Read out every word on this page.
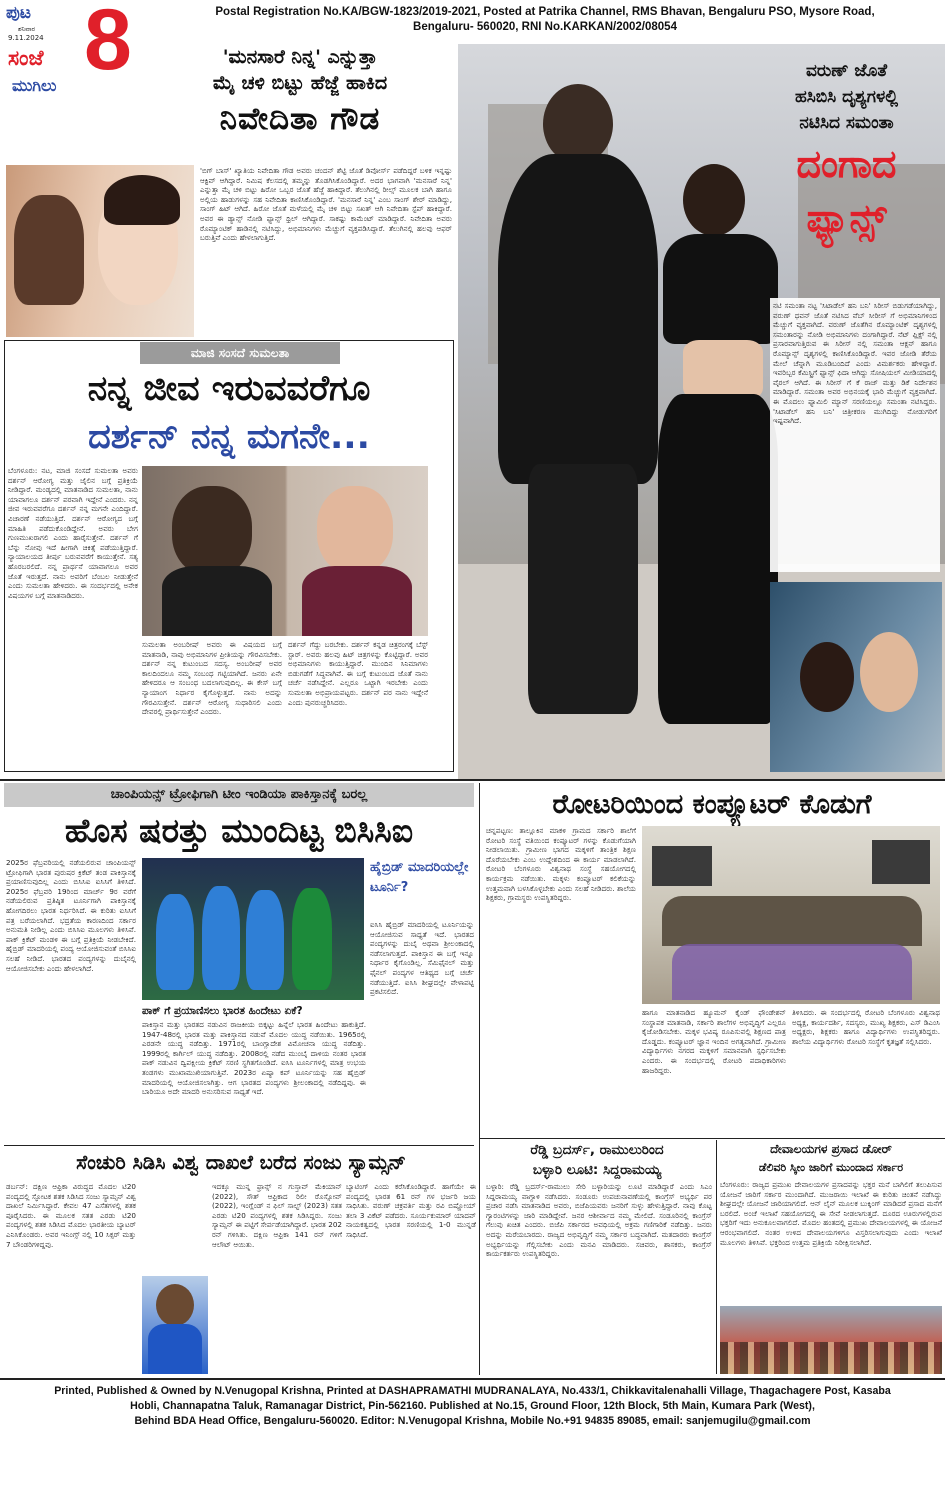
ಪುಟ
ಶನಿವಾರ
9.11.2024 8
ಸಂಜೆ
ಮುಗಿಲು
Postal Registration No.KA/BGW-1823/2019-2021, Posted at Patrika Channel, RMS Bhavan, Bengaluru PSO, Mysore Road,
Bengaluru- 560020, RNI No.KARKAN/2002/08054
'ಮನಸಾರೆ ನಿನ್ನ' ಎನ್ನುತ್ತಾ
ಮೈ ಚಳಿ ಬಿಟ್ಟು ಹೆಜ್ಜೆ ಹಾಕಿದ
ನಿವೇದಿತಾ ಗೌಡ
'ಬಿಗ್ ಬಾಸ್' ಖ್ಯಾತಿಯ ನಿವೇದಿತಾ ಗೌಡ ಅವರು ಚಂದನ್ ಶೆಟ್ಟಿ ಜೊತೆ ಡಿವೋರ್ಸ್ ಪಡೆದಿದ್ದರೆ ಬಳಿಕ ಇನ್ನಷ್ಟು ಆಕ್ಟಿವ್ ಆಗಿದ್ದಾರೆ. ನಿಮಿಷ ಕೆಲಸದಲ್ಲಿ ತಮ್ಮನ್ನು ತೊಡಗಿಸಿಕೊಂಡಿದ್ದಾರೆ. ಅದರ ಭಾಗವಾಗಿ 'ಮನಸಾರೆ ನಿನ್ನ' ಎನ್ನುತ್ತಾ ಮೈ ಚಳಿ ಬಿಟ್ಟು ಹಿರೋ ಒಬ್ಬರ ಜೊತೆ ಹೆಜ್ಜೆ ಹಾಕಿದ್ದಾರೆ. ತೆಲುಗಿನಲ್ಲಿ ರೀಲ್ಸ್ ಮೂಲಕ ಬಾಗಿ ಹಾಗೂ ಅಲ್ಲಿಯ ಹಾಡುಗಳನ್ನು ಸಹ ನಿವೇದಿತಾ ಕಾಣಿಸಿಕೊಂಡಿದ್ದಾರೆ. 'ಮನಸಾರೆ ನಿನ್ನ' ಎಂಬ ಸಾಂಗ್ ಶೇರ್ ಮಾಡಿದ್ದು, ಸಾಂಗ್ ಹಿಟ್ ಆಗಿದೆ. ಹಿರೋ ಜೊತೆ ಮಳೆಯಲ್ಲಿ ಮೈ ಚಳಿ ಬಿಟ್ಟು ಸಖತ್ ಆಗಿ ನಿವೇದಿತಾ ಸ್ಟೆಪ್ ಹಾಕಿದ್ದಾರೆ. ಅವರ ಈ ಡ್ಯಾನ್ಸ್ ನೋಡಿ ಫ್ಯಾನ್ಸ್ ಥ್ರಿಲ್ ಆಗಿದ್ದಾರೆ. ಸಾಕಷ್ಟು ಕಾಮೆಂಟ್ ಮಾಡಿದ್ದಾರೆ. ನಿವೇದಿತಾ ಅವರು ರೊಮ್ಯಾಂಟಿಕ್ ಹಾಡಿನಲ್ಲಿ ನಟಿಸಿದ್ದು, ಅಭಿಮಾನಿಗಳು ಮೆಚ್ಚುಗೆ ವ್ಯಕ್ತಪಡಿಸಿದ್ದಾರೆ. ತೆಲುಗಿನಲ್ಲಿ ಹಲವು ಆಫರ್ ಬರುತ್ತಿವೆ ಎಂದು ಹೇಳಲಾಗುತ್ತಿದೆ.
ವರುಣ್ ಜೊತೆ
ಹಸಿಬಿಸಿ ದೃಶ್ಯಗಳಲ್ಲಿ
ನಟಿಸಿದ ಸಮಂತಾ
ದಂಗಾದ
ಫ್ಯಾನ್ಸ್
ನಟಿ ಸಮಂತಾ ನಟ್ಟ 'ಸಿಟಾಡೆಲ್ ಹನಿ ಬನಿ' ಸಿರೀಸ್ ಬಿಡುಗಡೆಯಾಗಿದ್ದು, ವರುಣ್ ಧವನ್ ಜೊತೆ ನಟಿಸಿದ ವೆಬ್ ಸೀರೀಸ್ ಗೆ ಅಭಿಮಾನಿಗಳಿಂದ ಮೆಚ್ಚುಗೆ ವ್ಯಕ್ತವಾಗಿದೆ. ವರುಣ್ ಜೊತೆಗಿನ ರೊಮ್ಯಾಂಟಿಕ್ ದೃಶ್ಯಗಳಲ್ಲಿ ಸಮಂತಾರನ್ನು ನೋಡಿ ಅಭಿಮಾನಿಗಳು ದಂಗಾಗಿದ್ದಾರೆ. ನೆಟ್ ಫ್ಲಿಕ್ಸ್ ನಲ್ಲಿ ಪ್ರಸಾರವಾಗುತ್ತಿರುವ ಈ ಸಿರೀಸ್ ನಲ್ಲಿ ಸಮಂತಾ ಆಕ್ಷನ್ ಹಾಗೂ ರೊಮ್ಯಾನ್ಸ್ ದೃಶ್ಯಗಳಲ್ಲಿ ಕಾಣಿಸಿಕೊಂಡಿದ್ದಾರೆ. ಇವರ ಜೋಡಿ ತೆರೆಯ ಮೇಲೆ ಚೆನ್ನಾಗಿ ಮೂಡಿಬಂದಿದೆ ಎಂದು ವಿಮರ್ಶಕರು ಹೇಳಿದ್ದಾರೆ. ಇವರಿಬ್ಬರ ಕೆಮಿಸ್ಟ್ರಿಗೆ ಫ್ಯಾನ್ಸ್ ಫಿದಾ ಆಗಿದ್ದು ಸೋಷಿಯಲ್ ಮೀಡಿಯಾದಲ್ಲಿ ವೈರಲ್ ಆಗಿದೆ. ಈ ಸಿರೀಸ್ ಗೆ ಕೆ ರಾಜ್ ಮತ್ತು ಡಿಕೆ ನಿರ್ದೇಶನ ಮಾಡಿದ್ದಾರೆ. ಸಮಂತಾ ಅವರ ಅಭಿನಯಕ್ಕೆ ಭಾರಿ ಮೆಚ್ಚುಗೆ ವ್ಯಕ್ತವಾಗಿದೆ. ಈ ಮೊದಲು ಫ್ಯಾಮಿಲಿ ಮ್ಯಾನ್ ಸರಣಿಯಲ್ಲೂ ಸಮಂತಾ ನಟಿಸಿದ್ದರು. 'ಸಿಟಾಡೆಲ್ ಹನಿ ಬನಿ' ಚಿತ್ರೀಕರಣ ಮುಗಿದಿದ್ದು ನೋಡುಗರಿಗೆ ಇಷ್ಟವಾಗಿದೆ.
ಮಾಜಿ ಸಂಸದೆ ಸುಮಲತಾ
ನನ್ನ ಜೀವ ಇರುವವರೆಗೂ
ದರ್ಶನ್ ನನ್ನ ಮಗನೇ...
ಬೆಂಗಳೂರು: ನಟ, ಮಾಜಿ ಸಂಸದೆ ಸುಮಲತಾ ಅವರು ದರ್ಶನ್ ಆರೋಗ್ಯ ಮತ್ತು ಜೈಲಿನ ಬಗ್ಗೆ ಪ್ರತಿಕ್ರಿಯೆ ನೀಡಿದ್ದಾರೆ. ಮಂಡ್ಯದಲ್ಲಿ ಮಾತನಾಡಿದ ಸುಮಲತಾ, ನಾನು ಯಾವಾಗಲೂ ದರ್ಶನ್ ಪರವಾಗಿ ಇದ್ದೇನೆ ಎಂದರು. ನನ್ನ ಜೀವ ಇರುವವರೆಗೂ ದರ್ಶನ್ ನನ್ನ ಮಗನೇ ಎಂದಿದ್ದಾರೆ. ವಿಚಾರಣೆ ನಡೆಯುತ್ತಿದೆ. ದರ್ಶನ್ ಆರೋಗ್ಯದ ಬಗ್ಗೆ ಮಾಹಿತಿ ಪಡೆದುಕೊಂಡಿದ್ದೇನೆ. ಅವರು ಬೇಗ ಗುಣಮುಖರಾಗಲಿ ಎಂದು ಹಾರೈಸುತ್ತೇನೆ. ದರ್ಶನ್ ಗೆ ಬೆನ್ನು ನೋವು ಇದೆ ಹೀಗಾಗಿ ಚಿಕಿತ್ಸೆ ಪಡೆಯುತ್ತಿದ್ದಾರೆ. ನ್ಯಾಯಾಲಯದ ತೀರ್ಪು ಬರುವವರೆಗೆ ಕಾಯುತ್ತೇನೆ. ಸತ್ಯ ಹೊರಬರಲಿದೆ. ನನ್ನ ಪ್ರಾರ್ಥನೆ ಯಾವಾಗಲೂ ಅವರ ಜೊತೆ ಇರುತ್ತದೆ. ನಾನು ಅವರಿಗೆ ಬೆಂಬಲ ನೀಡುತ್ತೇನೆ ಎಂದು ಸುಮಲತಾ ಹೇಳಿದರು. ಈ ಸಂದರ್ಭದಲ್ಲಿ ಅನೇಕ ವಿಷಯಗಳ ಬಗ್ಗೆ ಮಾತನಾಡಿದರು.
ಸುಮಲತಾ ಅಂಬರೀಷ್ ಅವರು ಈ ವಿಷಯದ ಬಗ್ಗೆ ಮಾತನಾಡಿ, ನಾವು ಅಭಿಮಾನಿಗಳ ಪ್ರೀತಿಯನ್ನು ಗೌರವಿಸಬೇಕು. ದರ್ಶನ್ ನನ್ನ ಕುಟುಂಬದ ಸದಸ್ಯ. ಅಂಬರೀಷ್ ಅವರ ಕಾಲದಿಂದಲೂ ನಮ್ಮ ಸಂಬಂಧ ಗಟ್ಟಿಯಾಗಿದೆ. ಜನರು ಏನೇ ಹೇಳಿದರೂ ಆ ಸಂಬಂಧ ಬದಲಾಗುವುದಿಲ್ಲ. ಈ ಕೇಸ್ ಬಗ್ಗೆ ನ್ಯಾಯಾಂಗ ನಿರ್ಧಾರ ಕೈಗೊಳ್ಳುತ್ತದೆ. ನಾನು ಅದನ್ನು ಗೌರವಿಸುತ್ತೇನೆ. ದರ್ಶನ್ ಆರೋಗ್ಯ ಸುಧಾರಿಸಲಿ ಎಂದು ದೇವರಲ್ಲಿ ಪ್ರಾರ್ಥಿಸುತ್ತೇನೆ ಎಂದರು.
ದರ್ಶನ್ ಗೆದ್ದು ಬರಬೇಕು. ದರ್ಶನ್ ಕನ್ನಡ ಚಿತ್ರರಂಗಕ್ಕೆ ಬೆಸ್ಟ್ ಸ್ಟಾರ್. ಅವರು ಹಲವು ಹಿಟ್ ಚಿತ್ರಗಳನ್ನು ಕೊಟ್ಟಿದ್ದಾರೆ. ಅವರ ಅಭಿಮಾನಿಗಳು ಕಾಯುತ್ತಿದ್ದಾರೆ. ಮುಂದಿನ ಸಿನಿಮಾಗಳು ಬಿಡುಗಡೆಗೆ ಸಿದ್ಧವಾಗಿವೆ. ಈ ಬಗ್ಗೆ ಕುಟುಂಬದ ಜೊತೆ ನಾನು ಚರ್ಚೆ ನಡೆಸಿದ್ದೇನೆ. ಎಲ್ಲರೂ ಒಟ್ಟಾಗಿ ಇರಬೇಕು ಎಂದು ಸುಮಲತಾ ಅಭಿಪ್ರಾಯಪಟ್ಟರು. ದರ್ಶನ್ ಪರ ನಾನು ಇದ್ದೇನೆ ಎಂದು ಪುನರುಚ್ಚರಿಸಿದರು.
ಚಾಂಪಿಯನ್ಸ್ ಟ್ರೋಫಿಗಾಗಿ ಟೀಂ ಇಂಡಿಯಾ ಪಾಕಿಸ್ತಾನಕ್ಕೆ ಬರಲ್ಲ
ಹೊಸ ಷರತ್ತು ಮುಂದಿಟ್ಟ ಬಿಸಿಸಿಐ
2025ರ ಫೆಬ್ರವರಿಯಲ್ಲಿ ನಡೆಯಲಿರುವ ಚಾಂಪಿಯನ್ಸ್ ಟ್ರೋಫಿಗಾಗಿ ಭಾರತ ಪುರುಷರ ಕ್ರಿಕೆಟ್ ತಂಡ ಪಾಕಿಸ್ತಾನಕ್ಕೆ ಪ್ರಯಾಣಿಸುವುದಿಲ್ಲ ಎಂದು ಬಿಸಿಸಿಐ ಐಸಿಸಿಗೆ ತಿಳಿಸಿದೆ. 2025ರ ಫೆಬ್ರವರಿ 19ರಿಂದ ಮಾರ್ಚ್ 9ರ ವರೆಗೆ ನಡೆಯಲಿರುವ ಪ್ರತಿಷ್ಠಿತ ಟೂರ್ನಿಗಾಗಿ ಪಾಕಿಸ್ತಾನಕ್ಕೆ ಹೋಗದಿರಲು ಭಾರತ ನಿರ್ಧರಿಸಿದೆ. ಈ ಕುರಿತು ಐಸಿಸಿಗೆ ಪತ್ರ ಬರೆಯಲಾಗಿದೆ. ಭದ್ರತೆಯ ಕಾರಣದಿಂದ ಸರ್ಕಾರ ಅನುಮತಿ ನೀಡಿಲ್ಲ ಎಂದು ಬಿಸಿಸಿಐ ಮೂಲಗಳು ತಿಳಿಸಿವೆ. ಪಾಕ್ ಕ್ರಿಕೆಟ್ ಮಂಡಳಿ ಈ ಬಗ್ಗೆ ಪ್ರತಿಕ್ರಿಯೆ ನೀಡಬೇಕಿದೆ. ಹೈಬ್ರಿಡ್ ಮಾದರಿಯಲ್ಲಿ ಪಂದ್ಯ ಆಯೋಜಿಸುವಂತೆ ಬಿಸಿಸಿಐ ಸಲಹೆ ನೀಡಿದೆ. ಭಾರತದ ಪಂದ್ಯಗಳನ್ನು ದುಬೈನಲ್ಲಿ ಆಯೋಜಿಸಬೇಕು ಎಂದು ಹೇಳಲಾಗಿದೆ.
ಹೈಬ್ರಿಡ್ ಮಾದರಿಯಲ್ಲೇ ಟೂರ್ನಿ?
ಐಸಿಸಿ ಹೈಬ್ರಿಡ್ ಮಾದರಿಯಲ್ಲಿ ಟೂರ್ನಿಯನ್ನು ಆಯೋಜಿಸುವ ಸಾಧ್ಯತೆ ಇದೆ. ಭಾರತದ ಪಂದ್ಯಗಳನ್ನು ದುಬೈ ಅಥವಾ ಶ್ರೀಲಂಕಾದಲ್ಲಿ ನಡೆಸಲಾಗುತ್ತದೆ. ಪಾಕಿಸ್ತಾನ ಈ ಬಗ್ಗೆ ಇನ್ನೂ ನಿರ್ಧಾರ ಕೈಗೊಂಡಿಲ್ಲ. ಸೆಮಿಫೈನಲ್ ಮತ್ತು ಫೈನಲ್ ಪಂದ್ಯಗಳ ಆತಿಥ್ಯದ ಬಗ್ಗೆ ಚರ್ಚೆ ನಡೆಯುತ್ತಿದೆ. ಐಸಿಸಿ ಶೀಘ್ರದಲ್ಲೇ ವೇಳಾಪಟ್ಟಿ ಪ್ರಕಟಿಸಲಿದೆ.
ಪಾಕ್ ಗೆ ಪ್ರಯಾಣಿಸಲು ಭಾರತ ಹಿಂದೇಟು ಏಕೆ?
ಪಾಕಿಸ್ತಾನ ಮತ್ತು ಭಾರತದ ನಡುವಿನ ರಾಜಕೀಯ ಬಿಕ್ಕಟ್ಟು ಹಿನ್ನೆಲೆ ಭಾರತ ಹಿಂದೇಟು ಹಾಕುತ್ತಿದೆ. 1947-48ರಲ್ಲಿ ಭಾರತ ಮತ್ತು ಪಾಕಿಸ್ತಾನದ ನಡುವೆ ಮೊದಲ ಯುದ್ಧ ನಡೆಯಿತು. 1965ರಲ್ಲಿ ಎರಡನೇ ಯುದ್ಧ ನಡೆದಿತ್ತು. 1971ರಲ್ಲಿ ಬಾಂಗ್ಲಾದೇಶ ವಿಮೋಚನಾ ಯುದ್ಧ ನಡೆದಿತ್ತು. 1999ರಲ್ಲಿ ಕಾರ್ಗಿಲ್ ಯುದ್ಧ ನಡೆದಿತ್ತು. 2008ರಲ್ಲಿ ನಡೆದ ಮುಂಬೈ ದಾಳಿಯ ನಂತರ ಭಾರತ ಪಾಕ್ ನಡುವಿನ ದ್ವಿಪಕ್ಷೀಯ ಕ್ರಿಕೆಟ್ ಸರಣಿ ಸ್ಥಗಿತಗೊಂಡಿದೆ. ಐಸಿಸಿ ಟೂರ್ನಿಗಳಲ್ಲಿ ಮಾತ್ರ ಉಭಯ ತಂಡಗಳು ಮುಖಾಮುಖಿಯಾಗುತ್ತಿವೆ. 2023ರ ಏಷ್ಯಾ ಕಪ್ ಟೂರ್ನಿಯನ್ನು ಸಹ ಹೈಬ್ರಿಡ್ ಮಾದರಿಯಲ್ಲಿ ಆಯೋಜಿಸಲಾಗಿತ್ತು. ಆಗ ಭಾರತದ ಪಂದ್ಯಗಳು ಶ್ರೀಲಂಕಾದಲ್ಲಿ ನಡೆದಿದ್ದವು. ಈ ಬಾರಿಯೂ ಅದೇ ಮಾದರಿ ಅನುಸರಿಸುವ ಸಾಧ್ಯತೆ ಇದೆ.
ಸೆಂಚುರಿ ಸಿಡಿಸಿ ವಿಶ್ವ ದಾಖಲೆ ಬರೆದ ಸಂಜು ಸ್ಯಾಮ್ಸನ್
ಡರ್ಬನ್: ದಕ್ಷಿಣ ಆಫ್ರಿಕಾ ವಿರುದ್ಧದ ಮೊದಲ ಟಿ20 ಪಂದ್ಯದಲ್ಲಿ ಸ್ಫೋಟಕ ಶತಕ ಸಿಡಿಸಿದ ಸಂಜು ಸ್ಯಾಮ್ಸನ್ ವಿಶ್ವ ದಾಖಲೆ ನಿರ್ಮಿಸಿದ್ದಾರೆ. ಕೇವಲ 47 ಎಸೆತಗಳಲ್ಲಿ ಶತಕ ಪೂರೈಸಿದರು. ಈ ಮೂಲಕ ಸತತ ಎರಡು ಟಿ20 ಪಂದ್ಯಗಳಲ್ಲಿ ಶತಕ ಸಿಡಿಸಿದ ಮೊದಲ ಭಾರತೀಯ ಬ್ಯಾಟರ್ ಎನಿಸಿಕೊಂಡರು. ಅವರ ಇನಿಂಗ್ಸ್ ನಲ್ಲಿ 10 ಸಿಕ್ಸರ್ ಮತ್ತು 7 ಬೌಂಡರಿಗಳಿದ್ದವು.
ಇದಕ್ಕೂ ಮುನ್ನ ಫ್ರಾನ್ಸ್ ನ ಗುಸ್ತಾವ್ ಮೆಕಿಯಾನ್ (2022), ಸೌತ್ ಆಫ್ರಿಕಾದ ರಿಲೀ ರೊಸ್ಸೋವ್ (2022), ಇಂಗ್ಲೆಂಡ್ ನ ಫಿಲ್ ಸಾಲ್ಟ್ (2023) ಸತತ ಎರಡು ಟಿ20 ಪಂದ್ಯಗಳಲ್ಲಿ ಶತಕ ಸಿಡಿಸಿದ್ದರು. ಸಂಜು ಸ್ಯಾಮ್ಸನ್ ಈ ಪಟ್ಟಿಗೆ ಸೇರ್ಪಡೆಯಾಗಿದ್ದಾರೆ. ಭಾರತ 202 ರನ್ ಗಳಿಸಿತು. ದಕ್ಷಿಣ ಆಫ್ರಿಕಾ 141 ರನ್ ಗಳಿಗೆ ಆಲೌಟ್ ಆಯಿತು.
ಬ್ಯಾಟಿಂಗ್ ಎಂದು ಕರೆಸಿಕೊಂಡಿದ್ದಾರೆ. ಹಾಗೆಯೇ ಈ ಪಂದ್ಯದಲ್ಲಿ ಭಾರತ 61 ರನ್ ಗಳ ಭರ್ಜರಿ ಜಯ ಸಾಧಿಸಿತು. ವರುಣ್ ಚಕ್ರವರ್ತಿ ಮತ್ತು ರವಿ ಬಿಷ್ಣೋಯ್ ತಲಾ 3 ವಿಕೆಟ್ ಪಡೆದರು. ಸೂರ್ಯಕುಮಾರ್ ಯಾದವ್ ನಾಯಕತ್ವದಲ್ಲಿ ಭಾರತ ಸರಣಿಯಲ್ಲಿ 1-0 ಮುನ್ನಡೆ ಸಾಧಿಸಿದೆ.
ರೋಟರಿಯಿಂದ ಕಂಪ್ಯೂಟರ್ ಕೊಡುಗೆ
ಚನ್ನಪಟ್ಟಣ: ತಾಲ್ಲೂಕಿನ ಮಾಕಳಿ ಗ್ರಾಮದ ಸರ್ಕಾರಿ ಶಾಲೆಗೆ ರೋಟರಿ ಸಂಸ್ಥೆ ವತಿಯಿಂದ ಕಂಪ್ಯೂಟರ್ ಗಳನ್ನು ಕೊಡುಗೆಯಾಗಿ ನೀಡಲಾಯಿತು. ಗ್ರಾಮೀಣ ಭಾಗದ ಮಕ್ಕಳಿಗೆ ತಾಂತ್ರಿಕ ಶಿಕ್ಷಣ ದೊರೆಯಬೇಕು ಎಂಬ ಉದ್ದೇಶದಿಂದ ಈ ಕಾರ್ಯ ಮಾಡಲಾಗಿದೆ. ರೋಟರಿ ಬೆಂಗಳೂರು ವಿಶ್ವನಾಥ ಸಂಸ್ಥೆ ಸಹಯೋಗದಲ್ಲಿ ಕಾರ್ಯಕ್ರಮ ನಡೆಯಿತು. ಮಕ್ಕಳು ಕಂಪ್ಯೂಟರ್ ಕಲಿಕೆಯನ್ನು ಉತ್ತಮವಾಗಿ ಬಳಸಿಕೊಳ್ಳಬೇಕು ಎಂದು ಸಲಹೆ ನೀಡಿದರು. ಶಾಲೆಯ ಶಿಕ್ಷಕರು, ಗ್ರಾಮಸ್ಥರು ಉಪಸ್ಥಿತರಿದ್ದರು.
ಹಾಗೂ ಮಾತನಾಡಿದ ಹ್ಯೂಮನ್ ಕೈಂಡ್ ಫೌಂಡೇಶನ್ ಸಂಸ್ಥಾಪಕ ಮಾತನಾಡಿ, ಸರ್ಕಾರಿ ಶಾಲೆಗಳ ಅಭಿವೃದ್ಧಿಗೆ ಎಲ್ಲರೂ ಕೈಜೋಡಿಸಬೇಕು. ಮಕ್ಕಳ ಭವಿಷ್ಯ ರೂಪಿಸುವಲ್ಲಿ ಶಿಕ್ಷಣದ ಪಾತ್ರ ದೊಡ್ಡದು. ಕಂಪ್ಯೂಟರ್ ಜ್ಞಾನ ಇಂದಿನ ಅಗತ್ಯವಾಗಿದೆ. ಗ್ರಾಮೀಣ ವಿದ್ಯಾರ್ಥಿಗಳು ನಗರದ ಮಕ್ಕಳಿಗೆ ಸಮಾನವಾಗಿ ಸ್ಪರ್ಧಿಸಬೇಕು ಎಂದರು. ಈ ಸಂದರ್ಭದಲ್ಲಿ ರೋಟರಿ ಪದಾಧಿಕಾರಿಗಳು ಹಾಜರಿದ್ದರು.
ತಿಳಿಸಿದರು. ಈ ಸಂದರ್ಭದಲ್ಲಿ ರೋಟರಿ ಬೆಂಗಳೂರು ವಿಶ್ವನಾಥ ಅಧ್ಯಕ್ಷ, ಕಾರ್ಯದರ್ಶಿ, ಸದಸ್ಯರು, ಮುಖ್ಯ ಶಿಕ್ಷಕರು, ಎಸ್ ಡಿಎಂಸಿ ಅಧ್ಯಕ್ಷರು, ಶಿಕ್ಷಕರು ಹಾಗೂ ವಿದ್ಯಾರ್ಥಿಗಳು ಉಪಸ್ಥಿತರಿದ್ದರು. ಶಾಲೆಯ ವಿದ್ಯಾರ್ಥಿಗಳು ರೋಟರಿ ಸಂಸ್ಥೆಗೆ ಕೃತಜ್ಞತೆ ಸಲ್ಲಿಸಿದರು.
ರೆಡ್ಡಿ ಬ್ರದರ್ಸ್, ರಾಮುಲುರಿಂದ
ಬಳ್ಳಾರಿ ಲೂಟಿ: ಸಿದ್ದರಾಮಯ್ಯ
ಬಳ್ಳಾರಿ: ರೆಡ್ಡಿ ಬ್ರದರ್ಸ್-ರಾಮುಲು ಸೇರಿ ಬಳ್ಳಾರಿಯನ್ನು ಲೂಟಿ ಮಾಡಿದ್ದಾರೆ ಎಂದು ಸಿಎಂ ಸಿದ್ದರಾಮಯ್ಯ ವಾಗ್ದಾಳಿ ನಡೆಸಿದರು. ಸಂಡೂರು ಉಪಚುನಾವಣೆಯಲ್ಲಿ ಕಾಂಗ್ರೆಸ್ ಅಭ್ಯರ್ಥಿ ಪರ ಪ್ರಚಾರ ನಡೆಸಿ ಮಾತನಾಡಿದ ಅವರು, ಬಿಜೆಪಿಯವರು ಜನರಿಗೆ ಸುಳ್ಳು ಹೇಳುತ್ತಿದ್ದಾರೆ. ನಾವು ಕೊಟ್ಟ ಗ್ಯಾರಂಟಿಗಳನ್ನು ಜಾರಿ ಮಾಡಿದ್ದೇವೆ. ಜನರ ಆಶೀರ್ವಾದ ನಮ್ಮ ಮೇಲಿದೆ. ಸಂಡೂರಿನಲ್ಲಿ ಕಾಂಗ್ರೆಸ್ ಗೆಲುವು ಖಚಿತ ಎಂದರು. ಬಿಜೆಪಿ ಸರ್ಕಾರದ ಅವಧಿಯಲ್ಲಿ ಅಕ್ರಮ ಗಣಿಗಾರಿಕೆ ನಡೆದಿತ್ತು. ಜನರು ಅದನ್ನು ಮರೆಯಬಾರದು. ರಾಜ್ಯದ ಅಭಿವೃದ್ಧಿಗೆ ನಮ್ಮ ಸರ್ಕಾರ ಬದ್ಧವಾಗಿದೆ. ಮತದಾರರು ಕಾಂಗ್ರೆಸ್ ಅಭ್ಯರ್ಥಿಯನ್ನು ಗೆಲ್ಲಿಸಬೇಕು ಎಂದು ಮನವಿ ಮಾಡಿದರು. ಸಚಿವರು, ಶಾಸಕರು, ಕಾಂಗ್ರೆಸ್ ಕಾರ್ಯಕರ್ತರು ಉಪಸ್ಥಿತರಿದ್ದರು.
ದೇವಾಲಯಗಳ ಪ್ರಸಾದ ಡೋರ್
ಡೆಲಿವರಿ ಸ್ಕೀಂ ಜಾರಿಗೆ ಮುಂದಾದ ಸರ್ಕಾರ
ಬೆಂಗಳೂರು: ರಾಜ್ಯದ ಪ್ರಮುಖ ದೇವಾಲಯಗಳ ಪ್ರಸಾದವನ್ನು ಭಕ್ತರ ಮನೆ ಬಾಗಿಲಿಗೆ ತಲುಪಿಸುವ ಯೋಜನೆ ಜಾರಿಗೆ ಸರ್ಕಾರ ಮುಂದಾಗಿದೆ. ಮುಜರಾಯಿ ಇಲಾಖೆ ಈ ಕುರಿತು ಚಿಂತನೆ ನಡೆಸಿದ್ದು ಶೀಘ್ರದಲ್ಲೇ ಯೋಜನೆ ಜಾರಿಯಾಗಲಿದೆ. ಆನ್ ಲೈನ್ ಮೂಲಕ ಬುಕ್ಕಿಂಗ್ ಮಾಡಿದರೆ ಪ್ರಸಾದ ಮನೆಗೆ ಬರಲಿದೆ. ಅಂಚೆ ಇಲಾಖೆ ಸಹಯೋಗದಲ್ಲಿ ಈ ಸೇವೆ ನೀಡಲಾಗುತ್ತದೆ. ದೂರದ ಊರುಗಳಲ್ಲಿರುವ ಭಕ್ತರಿಗೆ ಇದು ಅನುಕೂಲವಾಗಲಿದೆ. ಮೊದಲ ಹಂತದಲ್ಲಿ ಪ್ರಮುಖ ದೇವಾಲಯಗಳಲ್ಲಿ ಈ ಯೋಜನೆ ಆರಂಭವಾಗಲಿದೆ. ನಂತರ ಉಳಿದ ದೇವಾಲಯಗಳಿಗೂ ವಿಸ್ತರಿಸಲಾಗುವುದು ಎಂದು ಇಲಾಖೆ ಮೂಲಗಳು ತಿಳಿಸಿವೆ. ಭಕ್ತರಿಂದ ಉತ್ತಮ ಪ್ರತಿಕ್ರಿಯೆ ನಿರೀಕ್ಷಿಸಲಾಗಿದೆ.
Printed, Published & Owned by N.Venugopal Krishna, Printed at DASHAPRAMATHI MUDRANALAYA, No.433/1, Chikkavitalenahalli Village, Thagachagere Post, Kasaba
Hobli, Channapatna Taluk, Ramanagar District, Pin-562160. Published at No.15, Ground Floor, 12th Block, 5th Main, Kumara Park (West),
Behind BDA Head Office, Bengaluru-560020. Editor: N.Venugopal Krishna, Mobile No.+91 94835 89085, email: sanjemugilu@gmail.com
